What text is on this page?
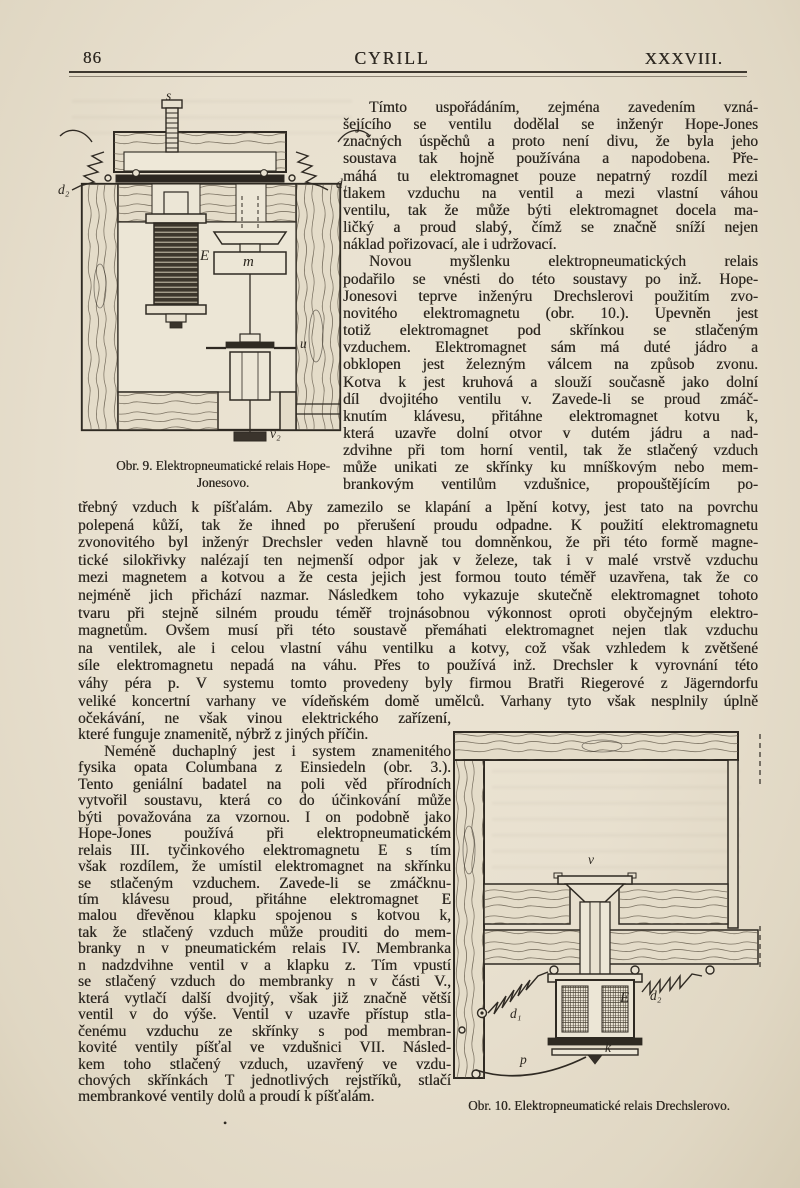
86	CYRILL	XXXVIII.
s
d₂	d₁
E m
u
v₂
Obr. 9. Elektropneumatické relais Hope-
Jonesovo.
Tímto uspořádáním, zejména zavedením vzná-
šejícího se ventilu dodělal se inženýr Hope-Jones
značných úspěchů a proto není divu, že byla jeho
soustava tak hojně používána a napodobena. Pře-
máhá tu elektromagnet pouze nepatrný rozdíl mezi
tlakem vzduchu na ventil a mezi vlastní váhou
ventilu, tak že může býti elektromagnet docela ma-
ličký a proud slabý, čímž se značně sníží nejen
náklad pořizovací, ale i udržovací.
Novou myšlenku elektropneumatických relais
podařilo se vnésti do této soustavy po inž. Hope-
Jonesovi teprve inženýru Drechslerovi použitím zvo-
novitého elektromagnetu (obr. 10.). Upevněn jest
totiž elektromagnet pod skřínkou se stlačeným
vzduchem. Elektromagnet sám má duté jádro a
obklopen jest železným válcem na způsob zvonu.
Kotva k jest kruhová a slouží současně jako dolní
díl dvojitého ventilu v. Zavede-li se proud zmáč-
knutím klávesu, přitáhne elektromagnet kotvu k,
která uzavře dolní otvor v dutém jádru a nad-
zdvihne při tom horní ventil, tak že stlačený vzduch
může unikati ze skřínky ku mníškovým nebo mem-
brankovým ventilům vzdušnice, propouštějícím po-
třebný vzduch k píšťalám. Aby zamezilo se klapání a lpění kotvy, jest tato na povrchu
polepená kůží, tak že ihned po přerušení proudu odpadne. K použití elektromagnetu
zvonovitého byl inženýr Drechsler veden hlavně tou domněnkou, že při této formě magne-
tické silokřivky nalézají ten nejmenší odpor jak v železe, tak i v malé vrstvě vzduchu
mezi magnetem a kotvou a že cesta jejich jest formou touto téměř uzavřena, tak že co
nejméně jich přichází nazmar. Následkem toho vykazuje skutečně elektromagnet tohoto
tvaru při stejně silném proudu téměř trojnásobnou výkonnost oproti obyčejným elektro-
magnetům. Ovšem musí při této soustavě přemáhati elektromagnet nejen tlak vzduchu
na ventilek, ale i celou vlastní váhu ventilku a kotvy, což však vzhledem k zvětšené
síle elektromagnetu nepadá na váhu. Přes to používá inž. Drechsler k vyrovnání této
váhy péra p. V systemu tomto provedeny byly firmou Bratři Riegerové z Jägerndorfu
veliké koncertní varhany ve vídeňském domě umělců. Varhany tyto však nesplnily úplně
očekávání, ne však vinou elektrického zařízení,
které funguje znamenitě, nýbrž z jiných příčin.
Neméně duchaplný jest i system znamenitého
fysika opata Columbana z Einsiedeln (obr. 3.).
Tento geniální badatel na poli věd přírodních
vytvořil soustavu, která co do účinkování může
býti považována za vzornou. I on podobně jako
Hope-Jones používá při elektropneumatickém
relais III. tyčinkového elektromagnetu E s tím
však rozdílem, že umístil elektromagnet na skřínku
se stlačeným vzduchem. Zavede-li se zmáčknu-
tím klávesu proud, přitáhne elektromagnet E
malou dřevěnou klapku spojenou s kotvou k,
tak že stlačený vzduch může prouditi do mem-
branky n v pneumatickém relais IV. Membranka
n nadzdvihne ventil v a klapku z. Tím vpustí
se stlačený vzduch do membranky n v části V.,
která vytlačí další dvojitý, však již značně větší
ventil v do výše. Ventil v uzavře přístup stla-
čenému vzduchu ze skřínky s pod membran-
kovité ventily píšťal ve vzdušnici VII. Násled-
kem toho stlačený vzduch, uzavřený ve vzdu-
chových skřínkách T jednotlivých rejstříků, stlačí
membrankové ventily dolů a proudí k píšťalám.
•
v
E
d₁
d₂
k
p
Obr. 10. Elektropneumatické relais Drechslerovo.
